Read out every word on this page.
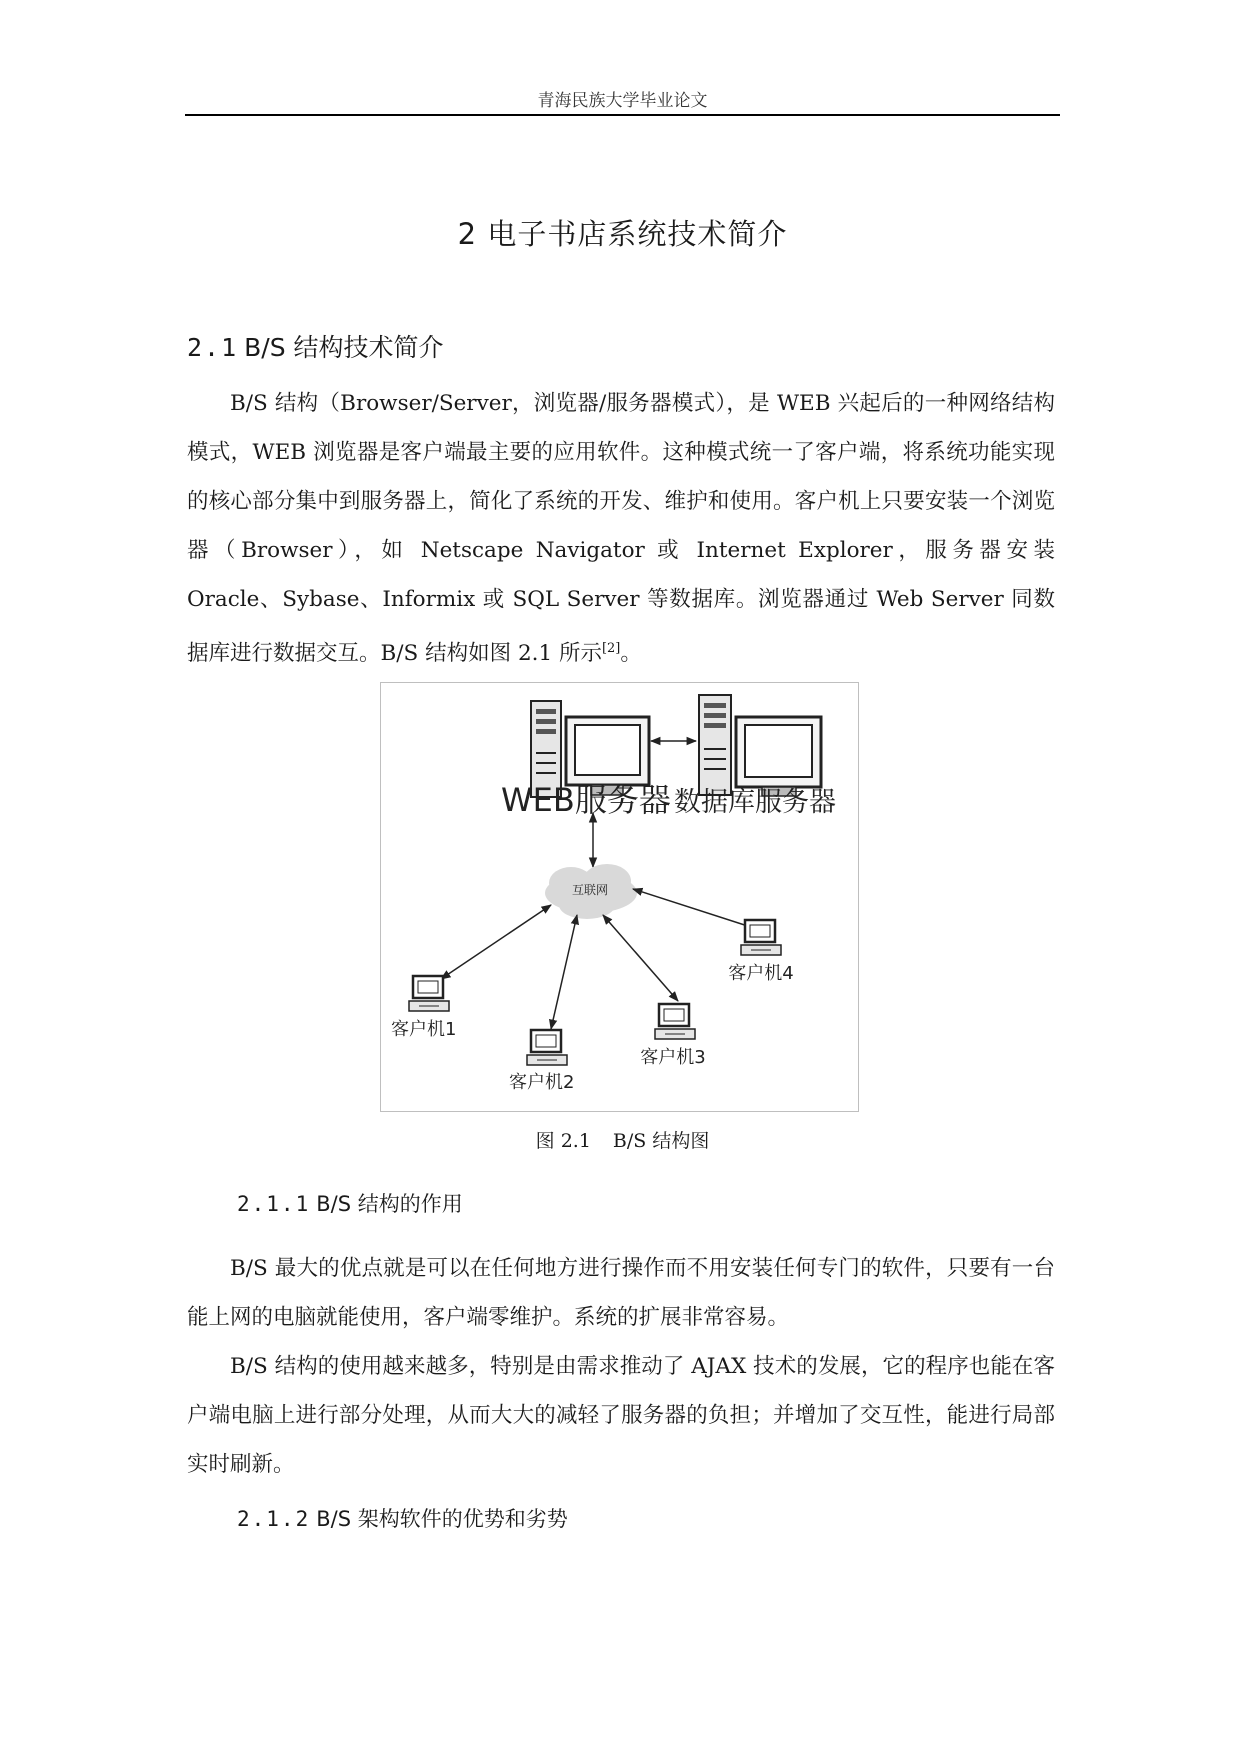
青海民族大学毕业论文
2 电子书店系统技术简介
2.1 B/S 结构技术简介

B/S 结构（Browser/Server，浏览器/服务器模式），是 WEB 兴起后的一种网络结构模式，WEB 浏览器是客户端最主要的应用软件。这种模式统一了客户端，将系统功能实现的核心部分集中到服务器上，简化了系统的开发、维护和使用。客户机上只要安装一个浏览器（Browser），如 Netscape Navigator 或 Internet Explorer，服务器安装 Oracle、Sybase、Informix 或 SQL Server 等数据库。浏览器通过 Web Server 同数据库进行数据交互。B/S 结构如图 2.1 所示[2]。

WEB服务器 数据库服务器
互联网
客户机1
客户机2
客户机3
客户机4
图 2.1 B/S 结构图
2.1.1 B/S 结构的作用

B/S 最大的优点就是可以在任何地方进行操作而不用安装任何专门的软件，只要有一台能上网的电脑就能使用，客户端零维护。系统的扩展非常容易。

B/S 结构的使用越来越多，特别是由需求推动了 AJAX 技术的发展，它的程序也能在客户端电脑上进行部分处理，从而大大的减轻了服务器的负担；并增加了交互性，能进行局部实时刷新。

2.1.2 B/S 架构软件的优势和劣势
